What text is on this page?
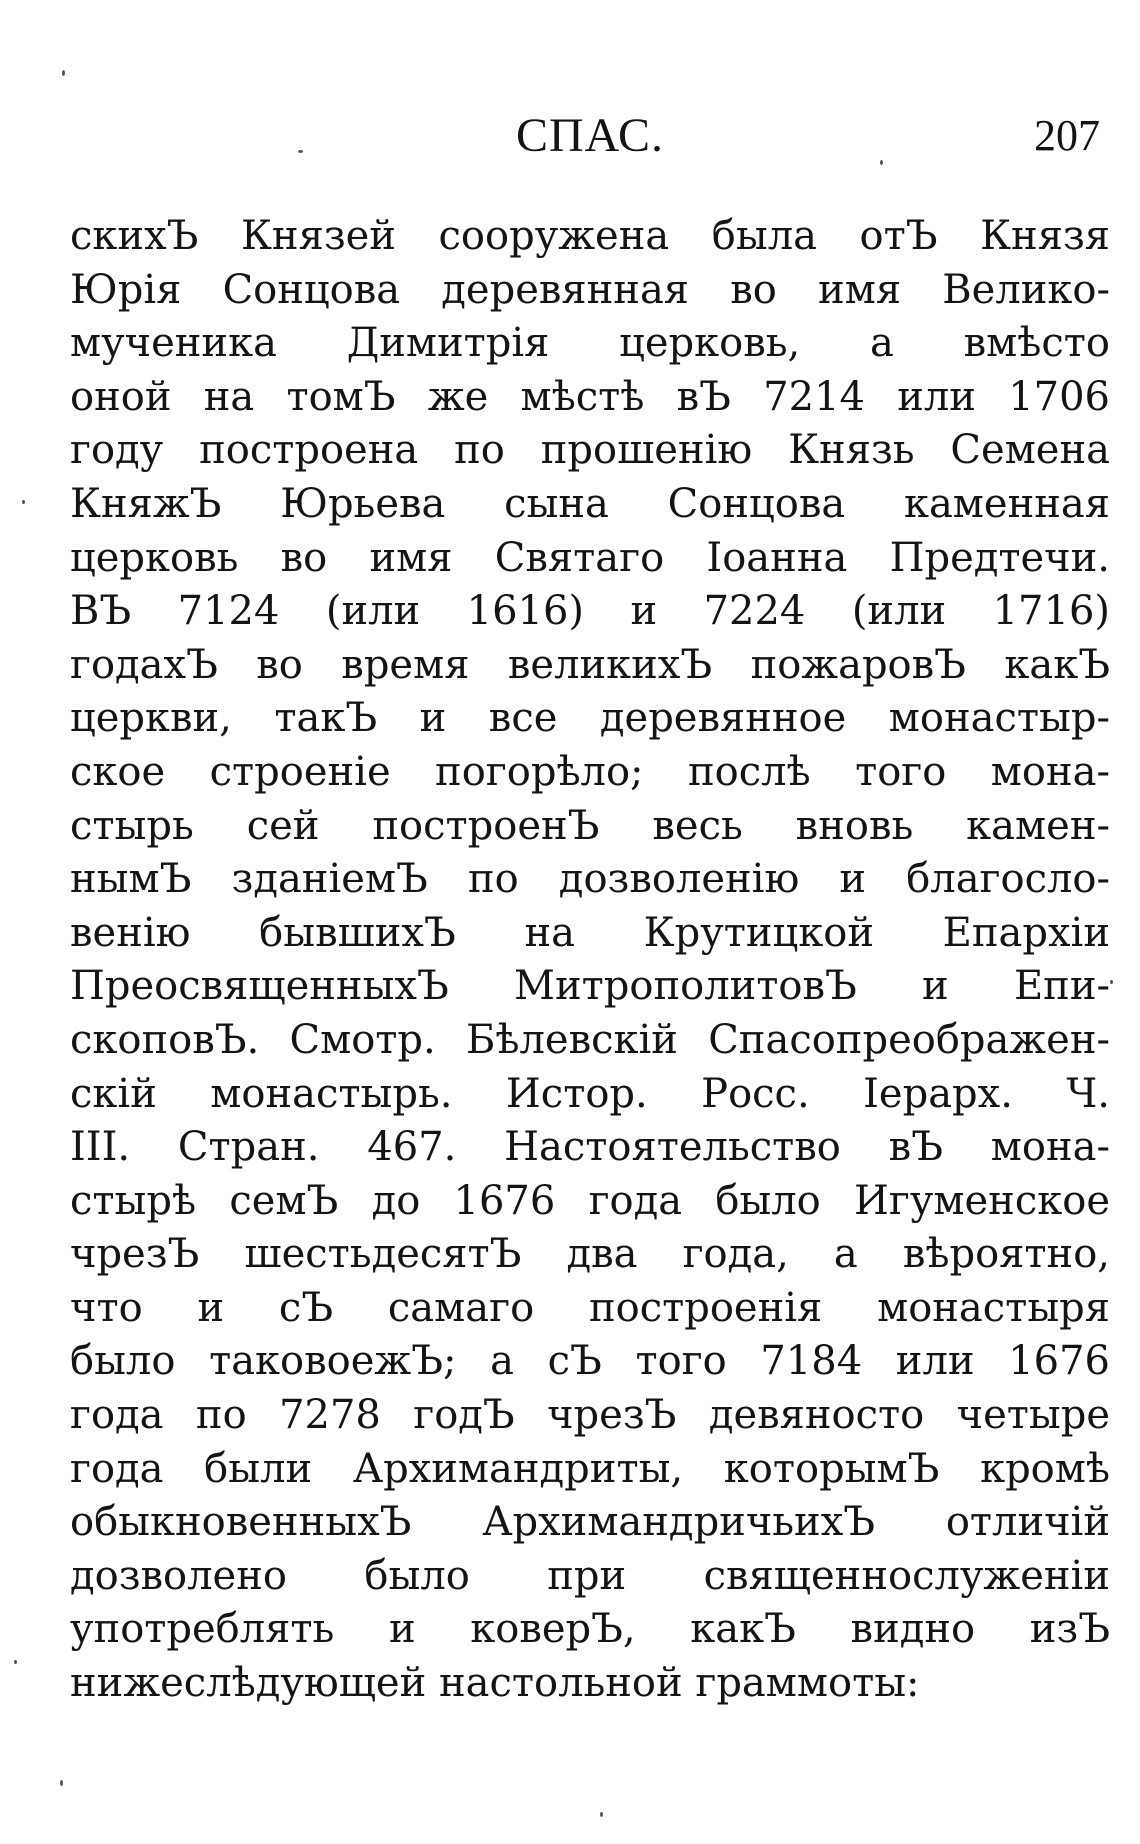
СПАС.	207
скихЪ Князей сооружена была отЪ Князя
Юрія Сонцова деревянная во имя Велико-
мученика Димитрія церковь, а вмѣсто
оной на томЪ же мѣстѣ вЪ 7214 или 1706
году построена по прошенію Князь Семена
КняжЪ Юрьева сына Сонцова каменная
церковь во имя Святаго Іоанна Предтечи.
ВЪ 7124 (или 1616) и 7224 (или 1716)
годахЪ во время великихЪ пожаровЪ какЪ
церкви, такЪ и все деревянное монастыр-
ское строеніе погорѣло; послѣ того мона-
стырь сей построенЪ весь вновь камен-
нымЪ зданіемЪ по дозволенію и благосло-
венію бывшихЪ на Крутицкой Епархіи
ПреосвященныхЪ МитрополитовЪ и Епи-
скоповЪ. Смотр. Бѣлевскій Спасопреображен-
скій монастырь. Истор. Росс. Іерарх. Ч.
III. Стран. 467. Настоятельство вЪ мона-
стырѣ семЪ до 1676 года было Игуменское
чрезЪ шестьдесятЪ два года, а вѣроятно,
что и сЪ самаго построенія монастыря
было таковоежЪ; а сЪ того 7184 или 1676
года по 7278 годЪ чрезЪ девяносто четыре
года были Архимандриты, которымЪ кромѣ
обыкновенныхЪ АрхимандричьихЪ отличій
дозволено было при священнослуженіи
употреблять и коверЪ, какЪ видно изЪ
нижеслѣдующей настольной граммоты:
